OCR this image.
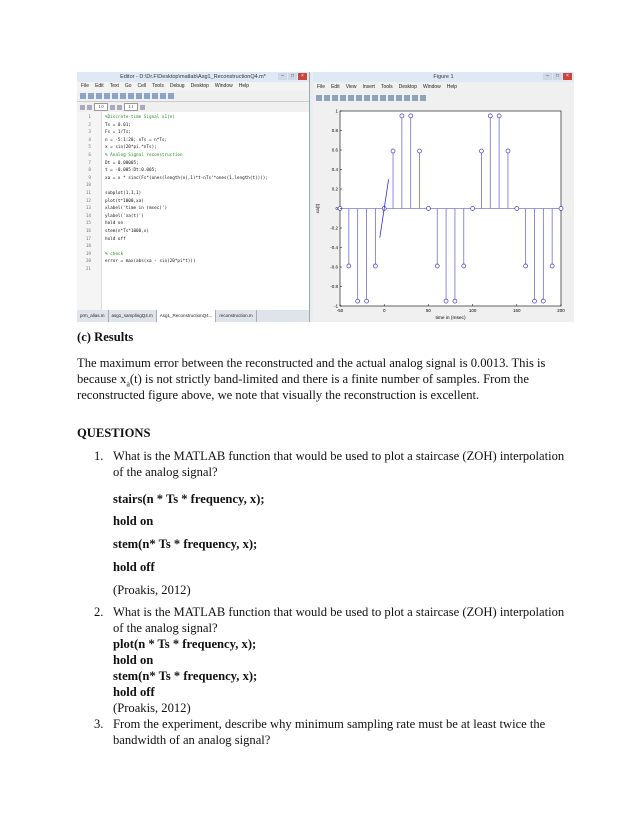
Editor - D:\Dr.F\Desktop\matlab\Asg1_ReconstructionQ4.m*	–	□	×
File Edit Text Go Cell Tools Debug Desktop Window Help
1.0	1.1
1	%Discrete-time Signal x1(n)
2	Ts = 0.01;
3	Fs = 1/Ts;
4	n = -5:1:20; nTs = n*Ts;
5	x = sin(20*pi.*nTs);
6	% Analog Signal reconstruction
7	Dt = 0.00005;
8	t = -0.005:Dt:0.005;
9	xa = x * sinc(Fs*(ones(length(n),1)*t-nTs'*ones(1,length(t))));
10
11	subplot(1,1,1)
12	plot(t*1000,xa)
13	xlabel('time in (msec)')
14	ylabel('xa(t)')
15	hold on
16	stem(n*Ts*1000,x)
17	hold off
18
19	% check
20	error = max(abs(xa - sin(20*pi*t)))
21
prm_alias.m	asg1_samplingQ4.m	Asg1_ReconstructionQ4...	reconstruction.m
Figure 1	–	□	×
File Edit View Insert Tools Desktop Window Help
1
0.8
0.6
0.4
0.2
0
-0.2
-0.4
-0.6
-0.8
-1
-50	0	50	100	150	200
time in (msec)
xa(t)
(c) Results
The maximum error between the reconstructed and the actual analog signal is 0.0013. This is
because $x_a(t)$ is not strictly band-limited and there is a finite number of samples. From the
reconstructed figure above, we note that visually the reconstruction is excellent.
QUESTIONS
1. What is the MATLAB function that would be used to plot a staircase (ZOH) interpolation
of the analog signal?
stairs(n * Ts * frequency, x);
hold on
stem(n* Ts * frequency, x);
hold off
(Proakis, 2012)
2. What is the MATLAB function that would be used to plot a staircase (ZOH) interpolation
of the analog signal?
plot(n * Ts * frequency, x);
hold on
stem(n* Ts * frequency, x);
hold off
(Proakis, 2012)
3. From the experiment, describe why minimum sampling rate must be at least twice the
bandwidth of an analog signal?
